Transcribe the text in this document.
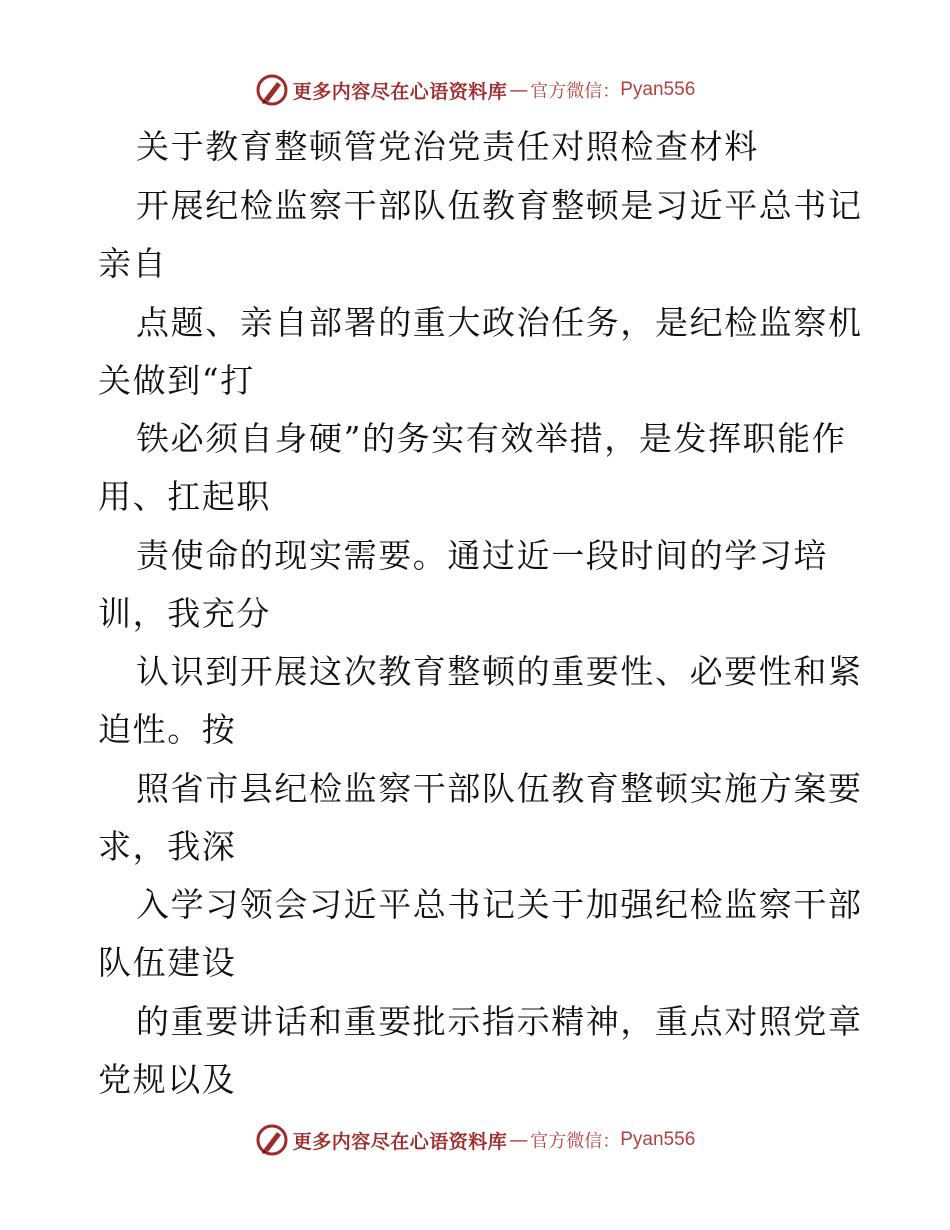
更多内容尽在心语资料库 — 官方微信： Pyan556
关于教育整顿管党治党责任对照检查材料
开展纪检监察干部队伍教育整顿是习近平总书记
亲自
点题、亲自部署的重大政治任务，是纪检监察机
关做到“打
铁必须自身硬”的务实有效举措，是发挥职能作
用、扛起职
责使命的现实需要。通过近一段时间的学习培
训，我充分
认识到开展这次教育整顿的重要性、必要性和紧
迫性。按
照省市县纪检监察干部队伍教育整顿实施方案要
求，我深
入学习领会习近平总书记关于加强纪检监察干部
队伍建设
的重要讲话和重要批示指示精神，重点对照党章
党规以及
更多内容尽在心语资料库 — 官方微信： Pyan556
